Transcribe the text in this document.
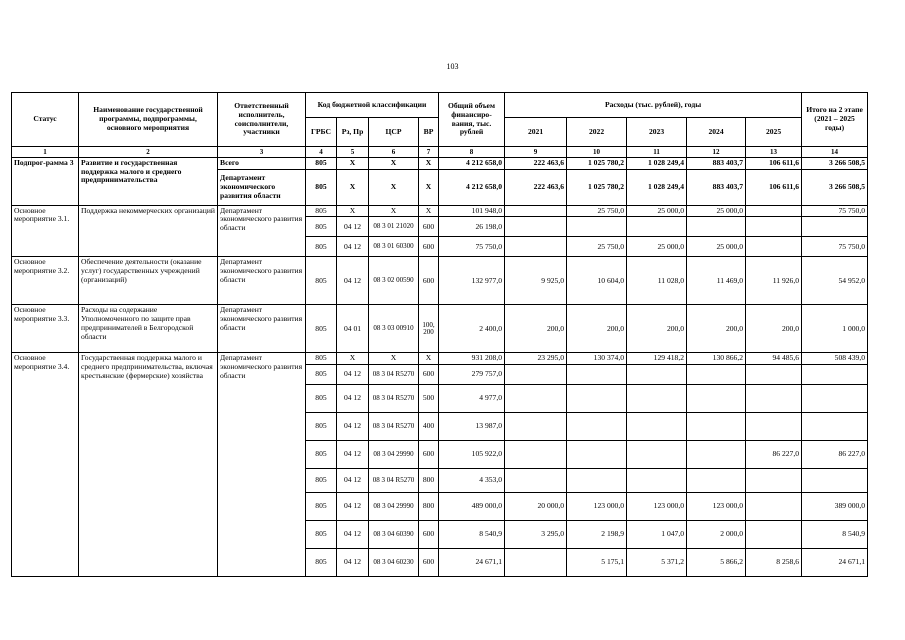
103
Статус	Наименование государственной программы, подпрограммы, основного мероприятия	Ответственный исполнитель, соисполнители, участники	Код бюджетной классификации				Общий объем финансиро-вания, тыс. рублей	Расходы (тыс. рублей), годы					Итого на 2 этапе (2021 – 2025 годы)
			ГРБС	Рз, Пр	ЦСР	ВР		2021	2022	2023	2024	2025	
1	2	3	4	5	6	7	8	9	10	11	12	13	14
Подпрог-рамма 3	Развитие и государственная поддержка малого и среднего предпринимательства	Всего	805	X	X	X	4 212 658,0	222 463,6	1 025 780,2	1 028 249,4	883 403,7	106 611,6	3 266 508,5
		Департамент экономического развития области	805	X	X	X	4 212 658,0	222 463,6	1 025 780,2	1 028 249,4	883 403,7	106 611,6	3 266 508,5
Основное мероприятие 3.1.	Поддержка некоммерческих организаций	Департамент экономического развития области	805	X	X	X	101 948,0		25 750,0	25 000,0	25 000,0		75 750,0
			805	04 12	08 3 01 21020	600	26 198,0						
			805	04 12	08 3 01 60300	600	75 750,0		25 750,0	25 000,0	25 000,0		75 750,0
Основное мероприятие 3.2.	Обеспечение деятельности (оказание услуг) государственных учреждений (организаций)	Департамент экономического развития области	805	04 12	08 3 02 00590	600	132 977,0	9 925,0	10 604,0	11 028,0	11 469,0	11 926,0	54 952,0
Основное мероприятие 3.3.	Расходы на содержание Уполномоченного по защите прав предпринимателей в Белгородской области	Департамент экономического развития области	805	04 01	08 3 03 00910	100, 200	2 400,0	200,0	200,0	200,0	200,0	200,0	1 000,0
Основное мероприятие 3.4.	Государственная поддержка малого и среднего предпринимательства, включая крестьянские (фермерские) хозяйства	Департамент экономического развития области	805	X	X	X	931 208,0	23 295,0	130 374,0	129 418,2	130 866,2	94 485,6	508 439,0
			805	04 12	08 3 04 R5270	600	279 757,0						
			805	04 12	08 3 04 R5270	500	4 977,0						
			805	04 12	08 3 04 R5270	400	13 987,0						
			805	04 12	08 3 04 29990	600	105 922,0					86 227,0	86 227,0
			805	04 12	08 3 04 R5270	800	4 353,0						
			805	04 12	08 3 04 29990	800	489 000,0	20 000,0	123 000,0	123 000,0	123 000,0		389 000,0
			805	04 12	08 3 04 60390	600	8 540,9	3 295,0	2 198,9	1 047,0	2 000,0		8 540,9
			805	04 12	08 3 04 60230	600	24 671,1		5 175,1	5 371,2	5 866,2	8 258,6	24 671,1
